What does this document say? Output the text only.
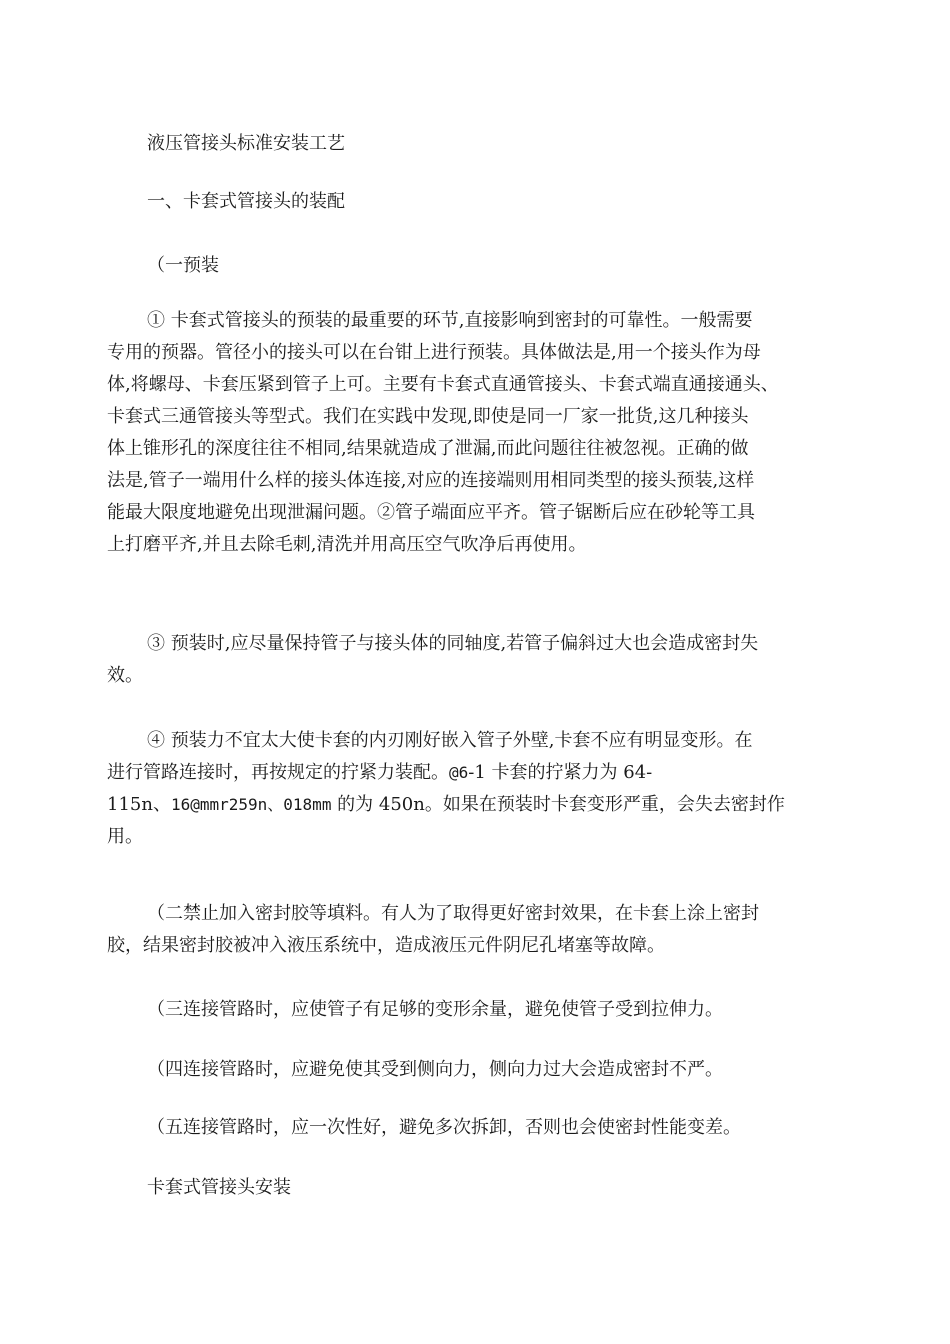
液压管接头标准安装工艺

一、卡套式管接头的装配

（一预装

① 卡套式管接头的预装的最重要的环节,直接影响到密封的可靠性。一般需要
专用的预器。管径小的接头可以在台钳上进行预装。具体做法是,用一个接头作为母
体,将螺母、卡套压紧到管子上可。主要有卡套式直通管接头、卡套式端直通接通头、
卡套式三通管接头等型式。我们在实践中发现,即使是同一厂家一批货,这几种接头
体上锥形孔的深度往往不相同,结果就造成了泄漏,而此问题往往被忽视。正确的做
法是,管子一端用什么样的接头体连接,对应的连接端则用相同类型的接头预装,这样
能最大限度地避免出现泄漏问题。②管子端面应平齐。管子锯断后应在砂轮等工具
上打磨平齐,并且去除毛刺,清洗并用高压空气吹净后再使用。

③ 预装时,应尽量保持管子与接头体的同轴度,若管子偏斜过大也会造成密封失
效。

④ 预装力不宜太大使卡套的内刃刚好嵌入管子外壁,卡套不应有明显变形。在
进行管路连接时，再按规定的拧紧力装配。@6-1 卡套的拧紧力为 64-
115n、16@mmr259n、018mm 的为 450n。如果在预装时卡套变形严重，会失去密封作
用。

（二禁止加入密封胶等填料。有人为了取得更好密封效果，在卡套上涂上密封
胶，结果密封胶被冲入液压系统中，造成液压元件阴尼孔堵塞等故障。

（三连接管路时，应使管子有足够的变形余量，避免使管子受到拉伸力。

（四连接管路时，应避免使其受到侧向力，侧向力过大会造成密封不严。

（五连接管路时，应一次性好，避免多次拆卸，否则也会使密封性能变差。

卡套式管接头安装
